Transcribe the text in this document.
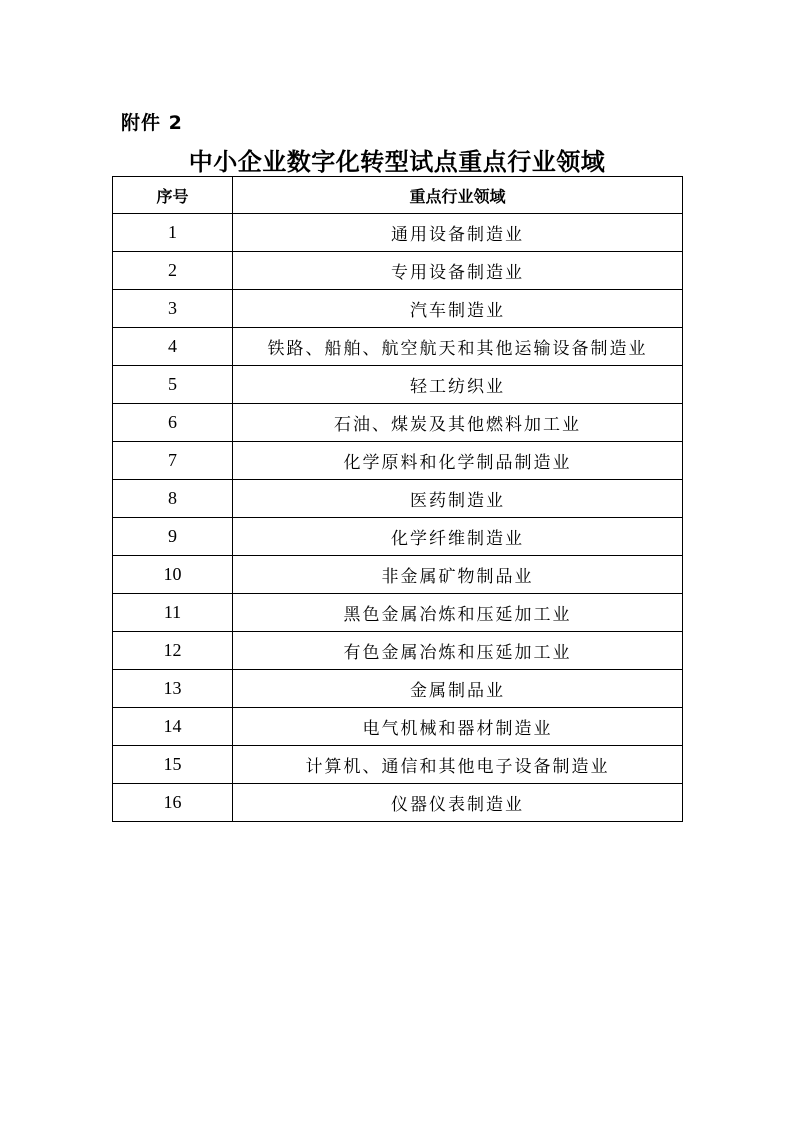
附件 2
中小企业数字化转型试点重点行业领域
序号	重点行业领域
1	通用设备制造业
2	专用设备制造业
3	汽车制造业
4	铁路、船舶、航空航天和其他运输设备制造业
5	轻工纺织业
6	石油、煤炭及其他燃料加工业
7	化学原料和化学制品制造业
8	医药制造业
9	化学纤维制造业
10	非金属矿物制品业
11	黑色金属冶炼和压延加工业
12	有色金属冶炼和压延加工业
13	金属制品业
14	电气机械和器材制造业
15	计算机、通信和其他电子设备制造业
16	仪器仪表制造业
